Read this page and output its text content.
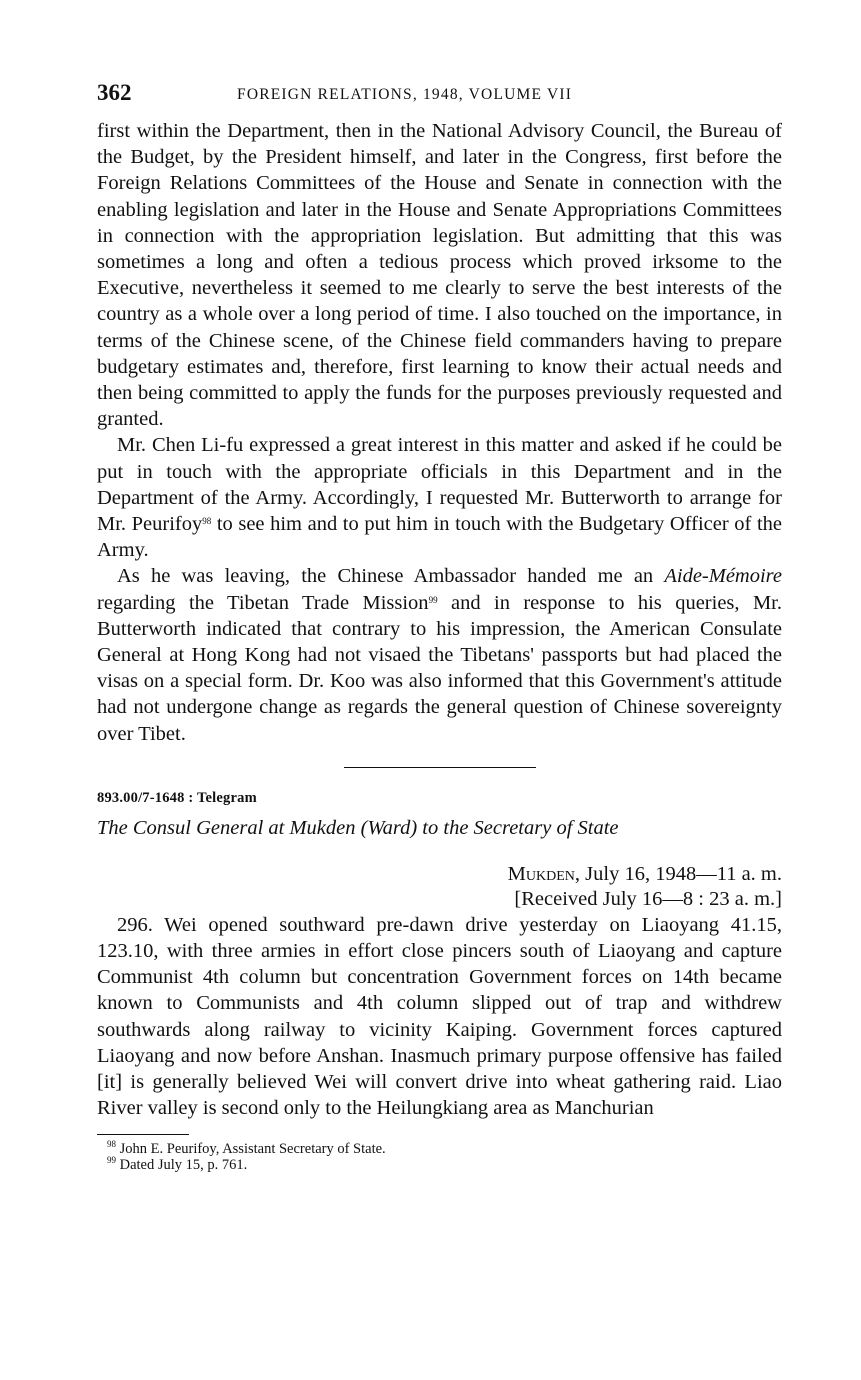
362	FOREIGN RELATIONS, 1948, VOLUME VII

first within the Department, then in the National Advisory Council, the Bureau of the Budget, by the President himself, and later in the Congress, first before the Foreign Relations Committees of the House and Senate in connection with the enabling legislation and later in the House and Senate Appropriations Committees in connection with the appropriation legislation. But admitting that this was sometimes a long and often a tedious process which proved irksome to the Executive, nevertheless it seemed to me clearly to serve the best interests of the country as a whole over a long period of time. I also touched on the importance, in terms of the Chinese scene, of the Chinese field commanders having to prepare budgetary estimates and, therefore, first learning to know their actual needs and then being committed to apply the funds for the purposes previously requested and granted.

Mr. Chen Li-fu expressed a great interest in this matter and asked if he could be put in touch with the appropriate officials in this Department and in the Department of the Army. Accordingly, I requested Mr. Butterworth to arrange for Mr. Peurifoy$^{98}$ to see him and to put him in touch with the Budgetary Officer of the Army.

As he was leaving, the Chinese Ambassador handed me an Aide-Mémoire regarding the Tibetan Trade Mission$^{99}$ and in response to his queries, Mr. Butterworth indicated that contrary to his impression, the American Consulate General at Hong Kong had not visaed the Tibetans' passports but had placed the visas on a special form. Dr. Koo was also informed that this Government's attitude had not undergone change as regards the general question of Chinese sovereignty over Tibet.

893.00/7-1648 : Telegram

The Consul General at Mukden (Ward) to the Secretary of State

Mukden, July 16, 1948—11 a. m.

[Received July 16—8 : 23 a. m.]

296. Wei opened southward pre-dawn drive yesterday on Liaoyang 41.15, 123.10, with three armies in effort close pincers south of Liaoyang and capture Communist 4th column but concentration Government forces on 14th became known to Communists and 4th column slipped out of trap and withdrew southwards along railway to vicinity Kaiping. Government forces captured Liaoyang and now before Anshan. Inasmuch primary purpose offensive has failed [it] is generally believed Wei will convert drive into wheat gathering raid. Liao River valley is second only to the Heilungkiang area as Manchurian

$^{98}$ John E. Peurifoy, Assistant Secretary of State.

$^{99}$ Dated July 15, p. 761.
